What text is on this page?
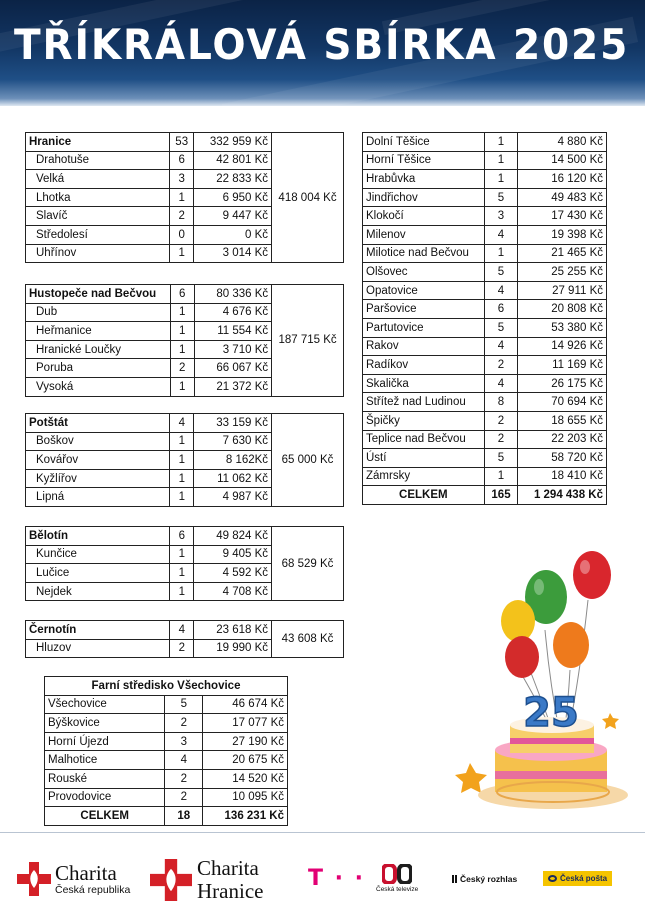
TŘÍKRÁLOVÁ SBÍRKA 2025
Hranice	53	332 959 Kč	418 004 Kč
Drahotuše	6	42 801 Kč	
Velká	3	22 833 Kč	
Lhotka	1	6 950 Kč	
Slavíč	2	9 447 Kč	
Středolesí	0	0 Kč	
Uhřínov	1	3 014 Kč	
Hustopeče nad Bečvou	6	80 336 Kč	187 715 Kč
Dub	1	4 676 Kč	
Heřmanice	1	11 554 Kč	
Hranické Loučky	1	3 710 Kč	
Poruba	2	66 067 Kč	
Vysoká	1	21 372 Kč	
Potštát	4	33 159 Kč	65 000 Kč
Boškov	1	7 630 Kč	
Kovářov	1	8 162Kč	
Kyžlířov	1	11 062 Kč	
Lipná	1	4 987 Kč	
Bělotín	6	49 824 Kč	68 529 Kč
Kunčice	1	9 405 Kč	
Lučice	1	4 592 Kč	
Nejdek	1	4 708 Kč	
Černotín	4	23 618 Kč	43 608 Kč
Hluzov	2	19 990 Kč	
Farní středisko Všechovice		
Všechovice	5	46 674 Kč
Býškovice	2	17 077 Kč
Horní Újezd	3	27 190 Kč
Malhotice	4	20 675 Kč
Rouské	2	14 520 Kč
Provodovice	2	10 095 Kč
CELKEM	18	136 231 Kč
Dolní Těšice	1	4 880 Kč
Horní Těšice	1	14 500 Kč
Hrabůvka	1	16 120 Kč
Jindřichov	5	49 483 Kč
Klokočí	3	17 430 Kč
Milenov	4	19 398 Kč
Milotice nad Bečvou	1	21 465 Kč
Olšovec	5	25 255 Kč
Opatovice	4	27 911 Kč
Paršovice	6	20 808 Kč
Partutovice	5	53 380 Kč
Rakov	4	14 926 Kč
Radíkov	2	11 169 Kč
Skalička	4	26 175 Kč
Střítež nad Ludinou	8	70 694 Kč
Špičky	2	18 655 Kč
Teplice nad Bečvou	2	22 203 Kč
Ústí	5	58 720 Kč
Zámrsky	1	18 410 Kč
CELKEM	165	1 294 438 Kč
25
Charita
Česká republika
Charita
Hranice T · · Česká televize
Český rozhlas	Česká pošta
